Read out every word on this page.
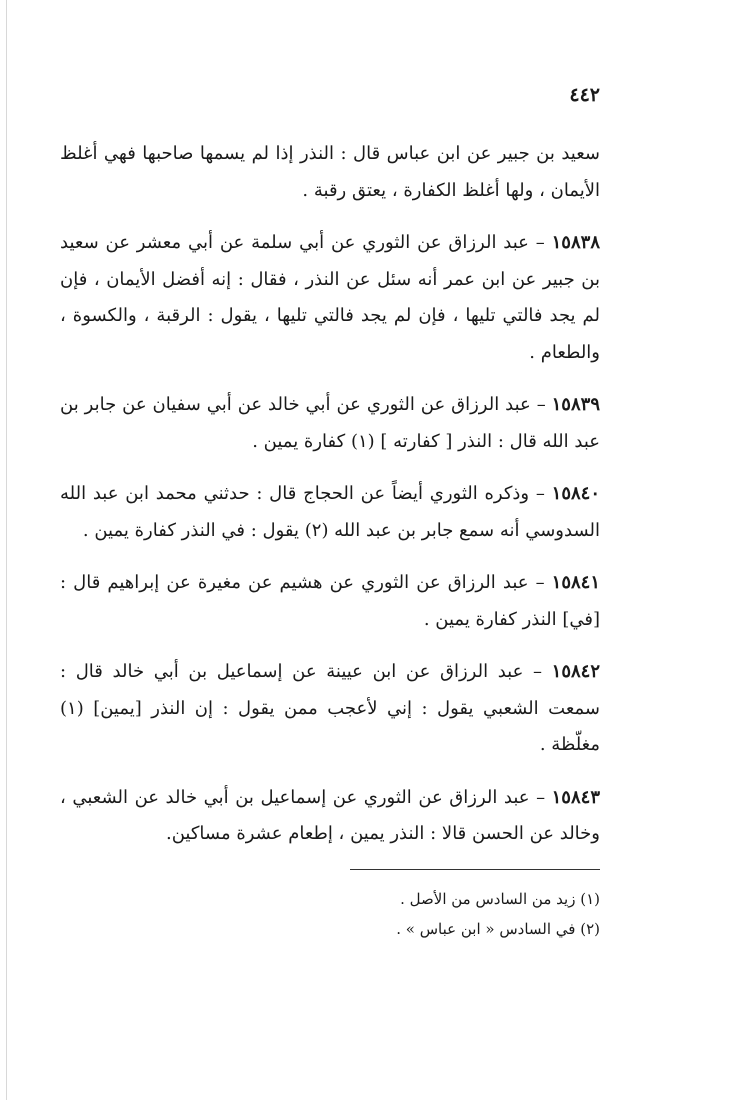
٤٤٢

سعيد بن جبير عن ابن عباس قال : النذر إذا لم يسمها صاحبها فهي أغلظ الأيمان ، ولها أغلظ الكفارة ، يعتق رقبة .

١٥٨٣٨ – عبد الرزاق عن الثوري عن أبي سلمة عن أبي معشر عن سعيد بن جبير عن ابن عمر أنه سئل عن النذر ، فقال : إنه أفضل الأيمان ، فإن لم يجد فالتي تليها ، فإن لم يجد فالتي تليها ، يقول : الرقبة ، والكسوة ، والطعام .

١٥٨٣٩ – عبد الرزاق عن الثوري عن أبي خالد عن أبي سفيان عن جابر بن عبد الله قال : النذر [ كفارته ] (١) كفارة يمين .

١٥٨٤٠ – وذكره الثوري أيضاً عن الحجاج قال : حدثني محمد ابن عبد الله السدوسي أنه سمع جابر بن عبد الله (٢) يقول : في النذر كفارة يمين .

١٥٨٤١ – عبد الرزاق عن الثوري عن هشيم عن مغيرة عن إبراهيم قال : [في] النذر كفارة يمين .

١٥٨٤٢ – عبد الرزاق عن ابن عيينة عن إسماعيل بن أبي خالد قال : سمعت الشعبي يقول : إني لأعجب ممن يقول : إن النذر [يمين] (١) مغلّظة .

١٥٨٤٣ – عبد الرزاق عن الثوري عن إسماعيل بن أبي خالد عن الشعبي ، وخالد عن الحسن قالا : النذر يمين ، إطعام عشرة مساكين.

(١) زيد من السادس من الأصل .

(٢) في السادس « ابن عباس » .
